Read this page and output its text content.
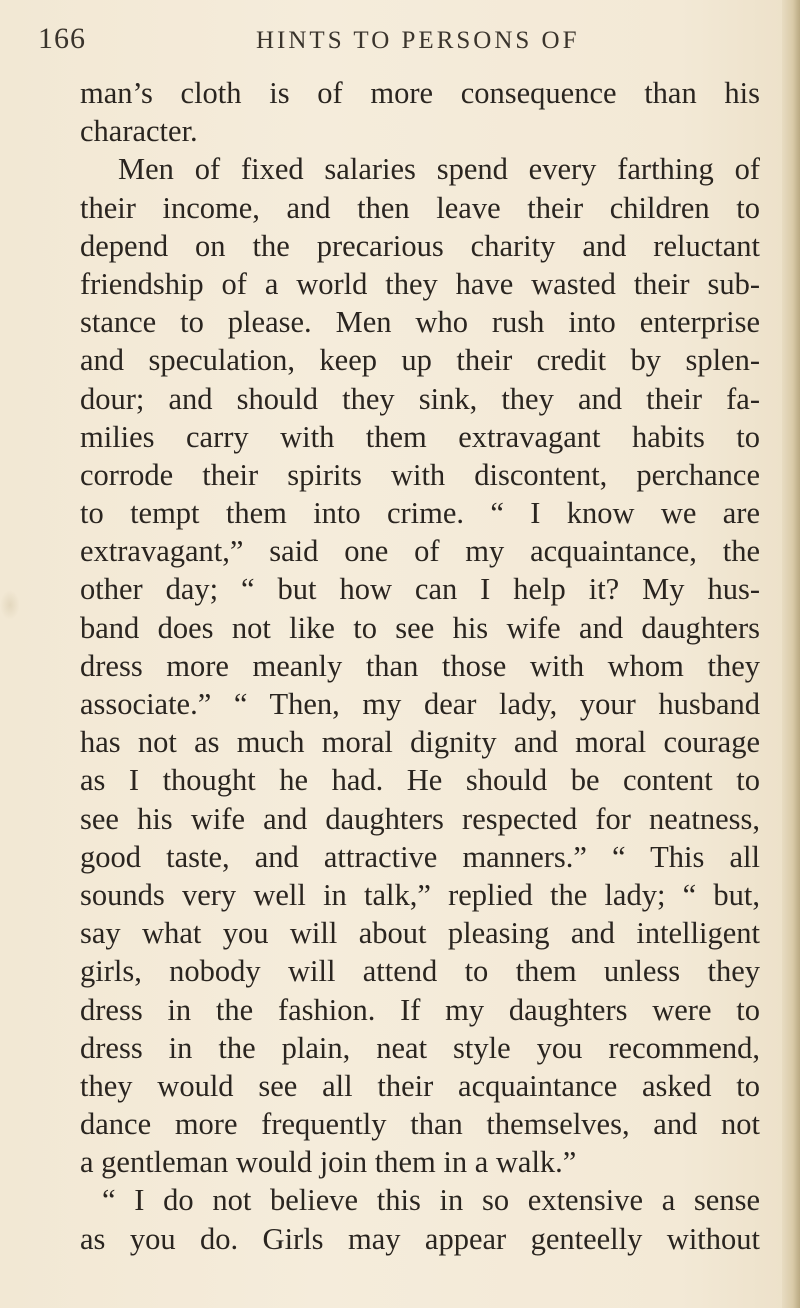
166	HINTS TO PERSONS OF
man’s cloth is of more consequence than his
character.
Men of fixed salaries spend every farthing of
their income, and then leave their children to
depend on the precarious charity and reluctant
friendship of a world they have wasted their sub-
stance to please. Men who rush into enterprise
and speculation, keep up their credit by splen-
dour; and should they sink, they and their fa-
milies carry with them extravagant habits to
corrode their spirits with discontent, perchance
to tempt them into crime. “ I know we are
extravagant,” said one of my acquaintance, the
other day; “ but how can I help it? My hus-
band does not like to see his wife and daughters
dress more meanly than those with whom they
associate.” “ Then, my dear lady, your husband
has not as much moral dignity and moral courage
as I thought he had. He should be content to
see his wife and daughters respected for neatness,
good taste, and attractive manners.” “ This all
sounds very well in talk,” replied the lady; “ but,
say what you will about pleasing and intelligent
girls, nobody will attend to them unless they
dress in the fashion. If my daughters were to
dress in the plain, neat style you recommend,
they would see all their acquaintance asked to
dance more frequently than themselves, and not
a gentleman would join them in a walk.”
“ I do not believe this in so extensive a sense
as you do. Girls may appear genteelly without
